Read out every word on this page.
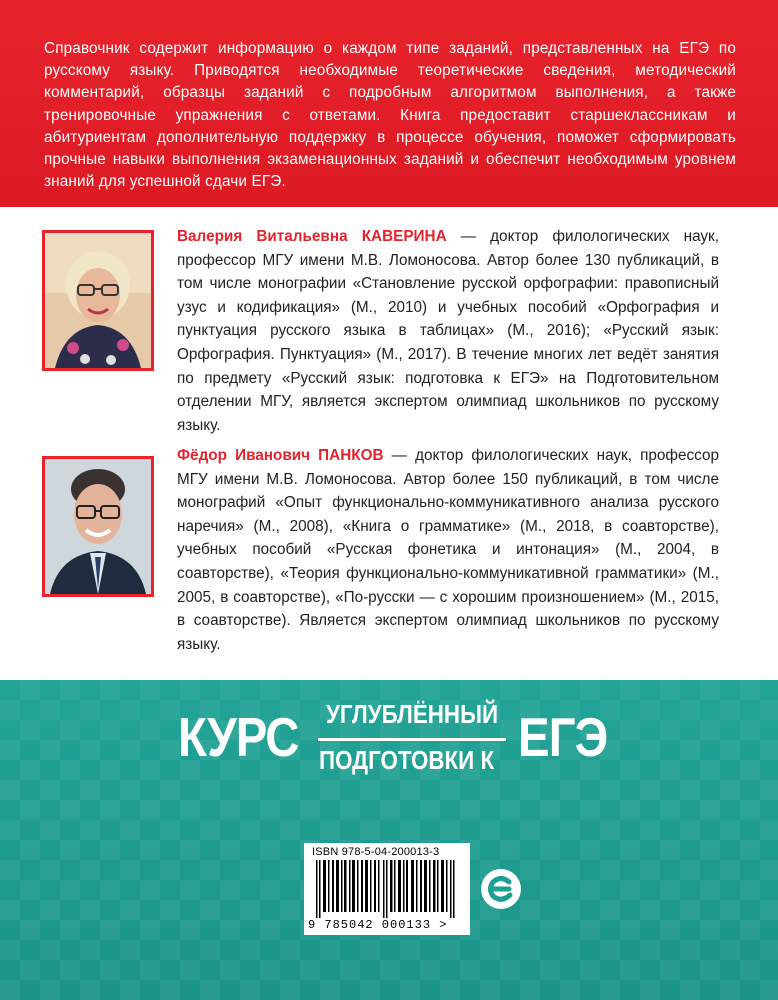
Справочник содержит информацию о каждом типе заданий, представленных на ЕГЭ по русскому языку. Приводятся необходимые теоретические сведения, методический комментарий, образцы заданий с подробным алгоритмом выполнения, а также тренировочные упражнения с ответами. Книга предоставит старшеклассникам и абитуриентам дополнительную поддержку в процессе обучения, поможет сформировать прочные навыки выполнения экзаменационных заданий и обеспечит необходимым уровнем знаний для успешной сдачи ЕГЭ.

Валерия Витальевна КАВЕРИНА — доктор филологических наук, профессор МГУ имени М.В. Ломоносова. Автор более 130 публикаций, в том числе монографии «Становление русской орфографии: правописный узус и кодификация» (М., 2010) и учебных пособий «Орфография и пунктуация русского языка в таблицах» (М., 2016); «Русский язык: Орфография. Пунктуация» (М., 2017). В течение многих лет ведёт занятия по предмету «Русский язык: подготовка к ЕГЭ» на Подготовительном отделении МГУ, является экспертом олимпиад школьников по русскому языку.

Фёдор Иванович ПАНКОВ — доктор филологических наук, профессор МГУ имени М.В. Ломоносова. Автор более 150 публикаций, в том числе монографий «Опыт функционально-коммуникативного анализа русского наречия» (М., 2008), «Книга о грамматике» (М., 2018, в соавторстве), учебных пособий «Русская фонетика и интонация» (М., 2004, в соавторстве), «Теория функционально-коммуникативной грамматики» (М., 2005, в соавторстве), «По-русски — с хорошим произношением» (М., 2015, в соавторстве). Является экспертом олимпиад школьников по русскому языку.

КУРС УГЛУБЛЁННЫЙ
ПОДГОТОВКИ К ЕГЭ
ISBN 978-5-04-200013-3
9 785042 000133 >
